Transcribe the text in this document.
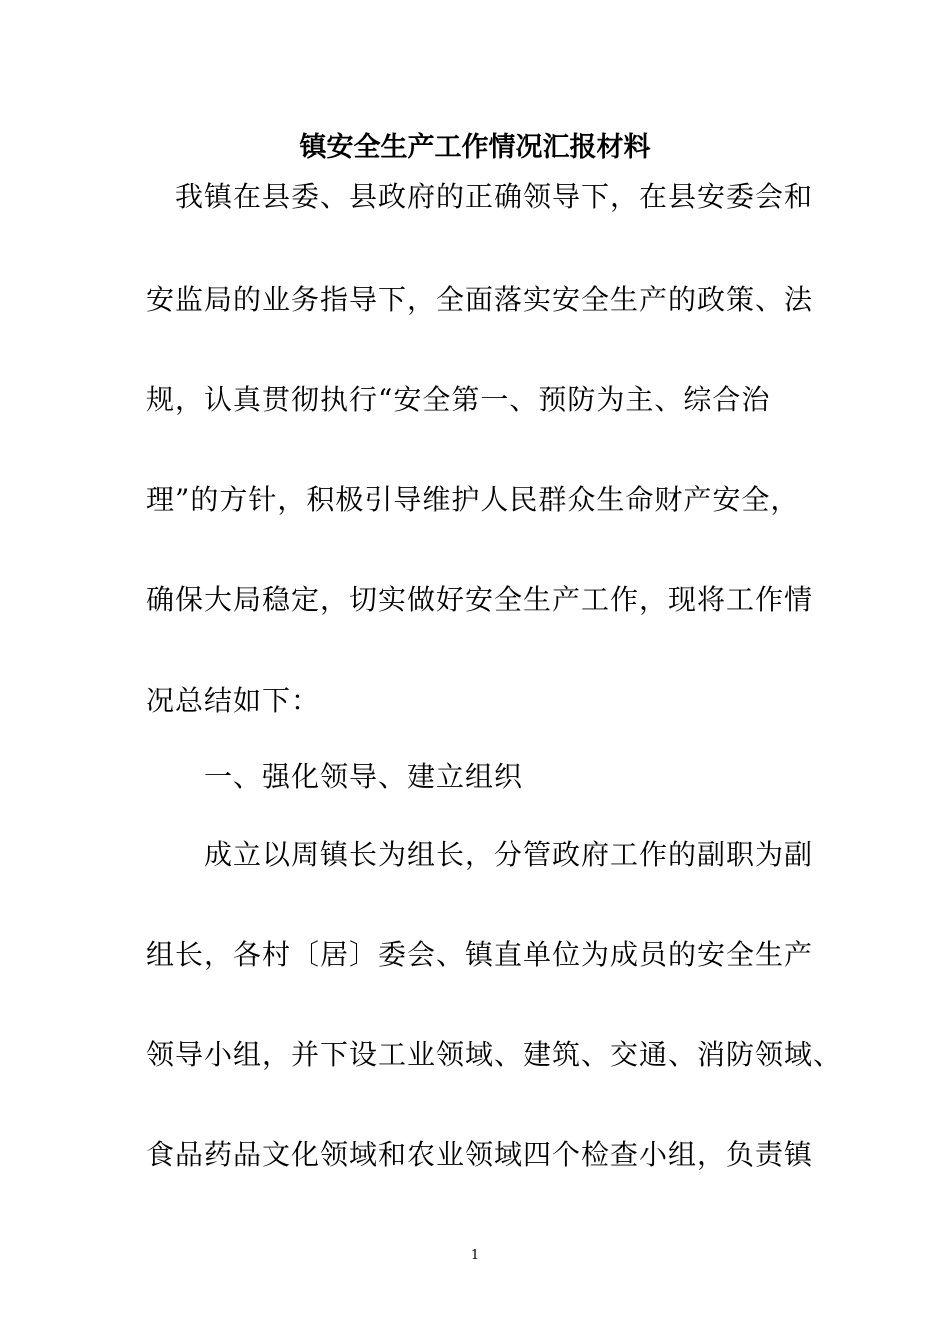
镇安全生产工作情况汇报材料
　我镇在县委、县政府的正确领导下，在县安委会和
安监局的业务指导下，全面落实安全生产的政策、法
规，认真贯彻执行“安全第一、预防为主、综合治
理”的方针，积极引导维护人民群众生命财产安全，
确保大局稳定，切实做好安全生产工作，现将工作情
况总结如下：
　　一、强化领导、建立组织
　　成立以周镇长为组长，分管政府工作的副职为副
组长，各村〔居〕委会、镇直单位为成员的安全生产
领导小组，并下设工业领域、建筑、交通、消防领域、
食品药品文化领域和农业领域四个检查小组，负责镇
1
